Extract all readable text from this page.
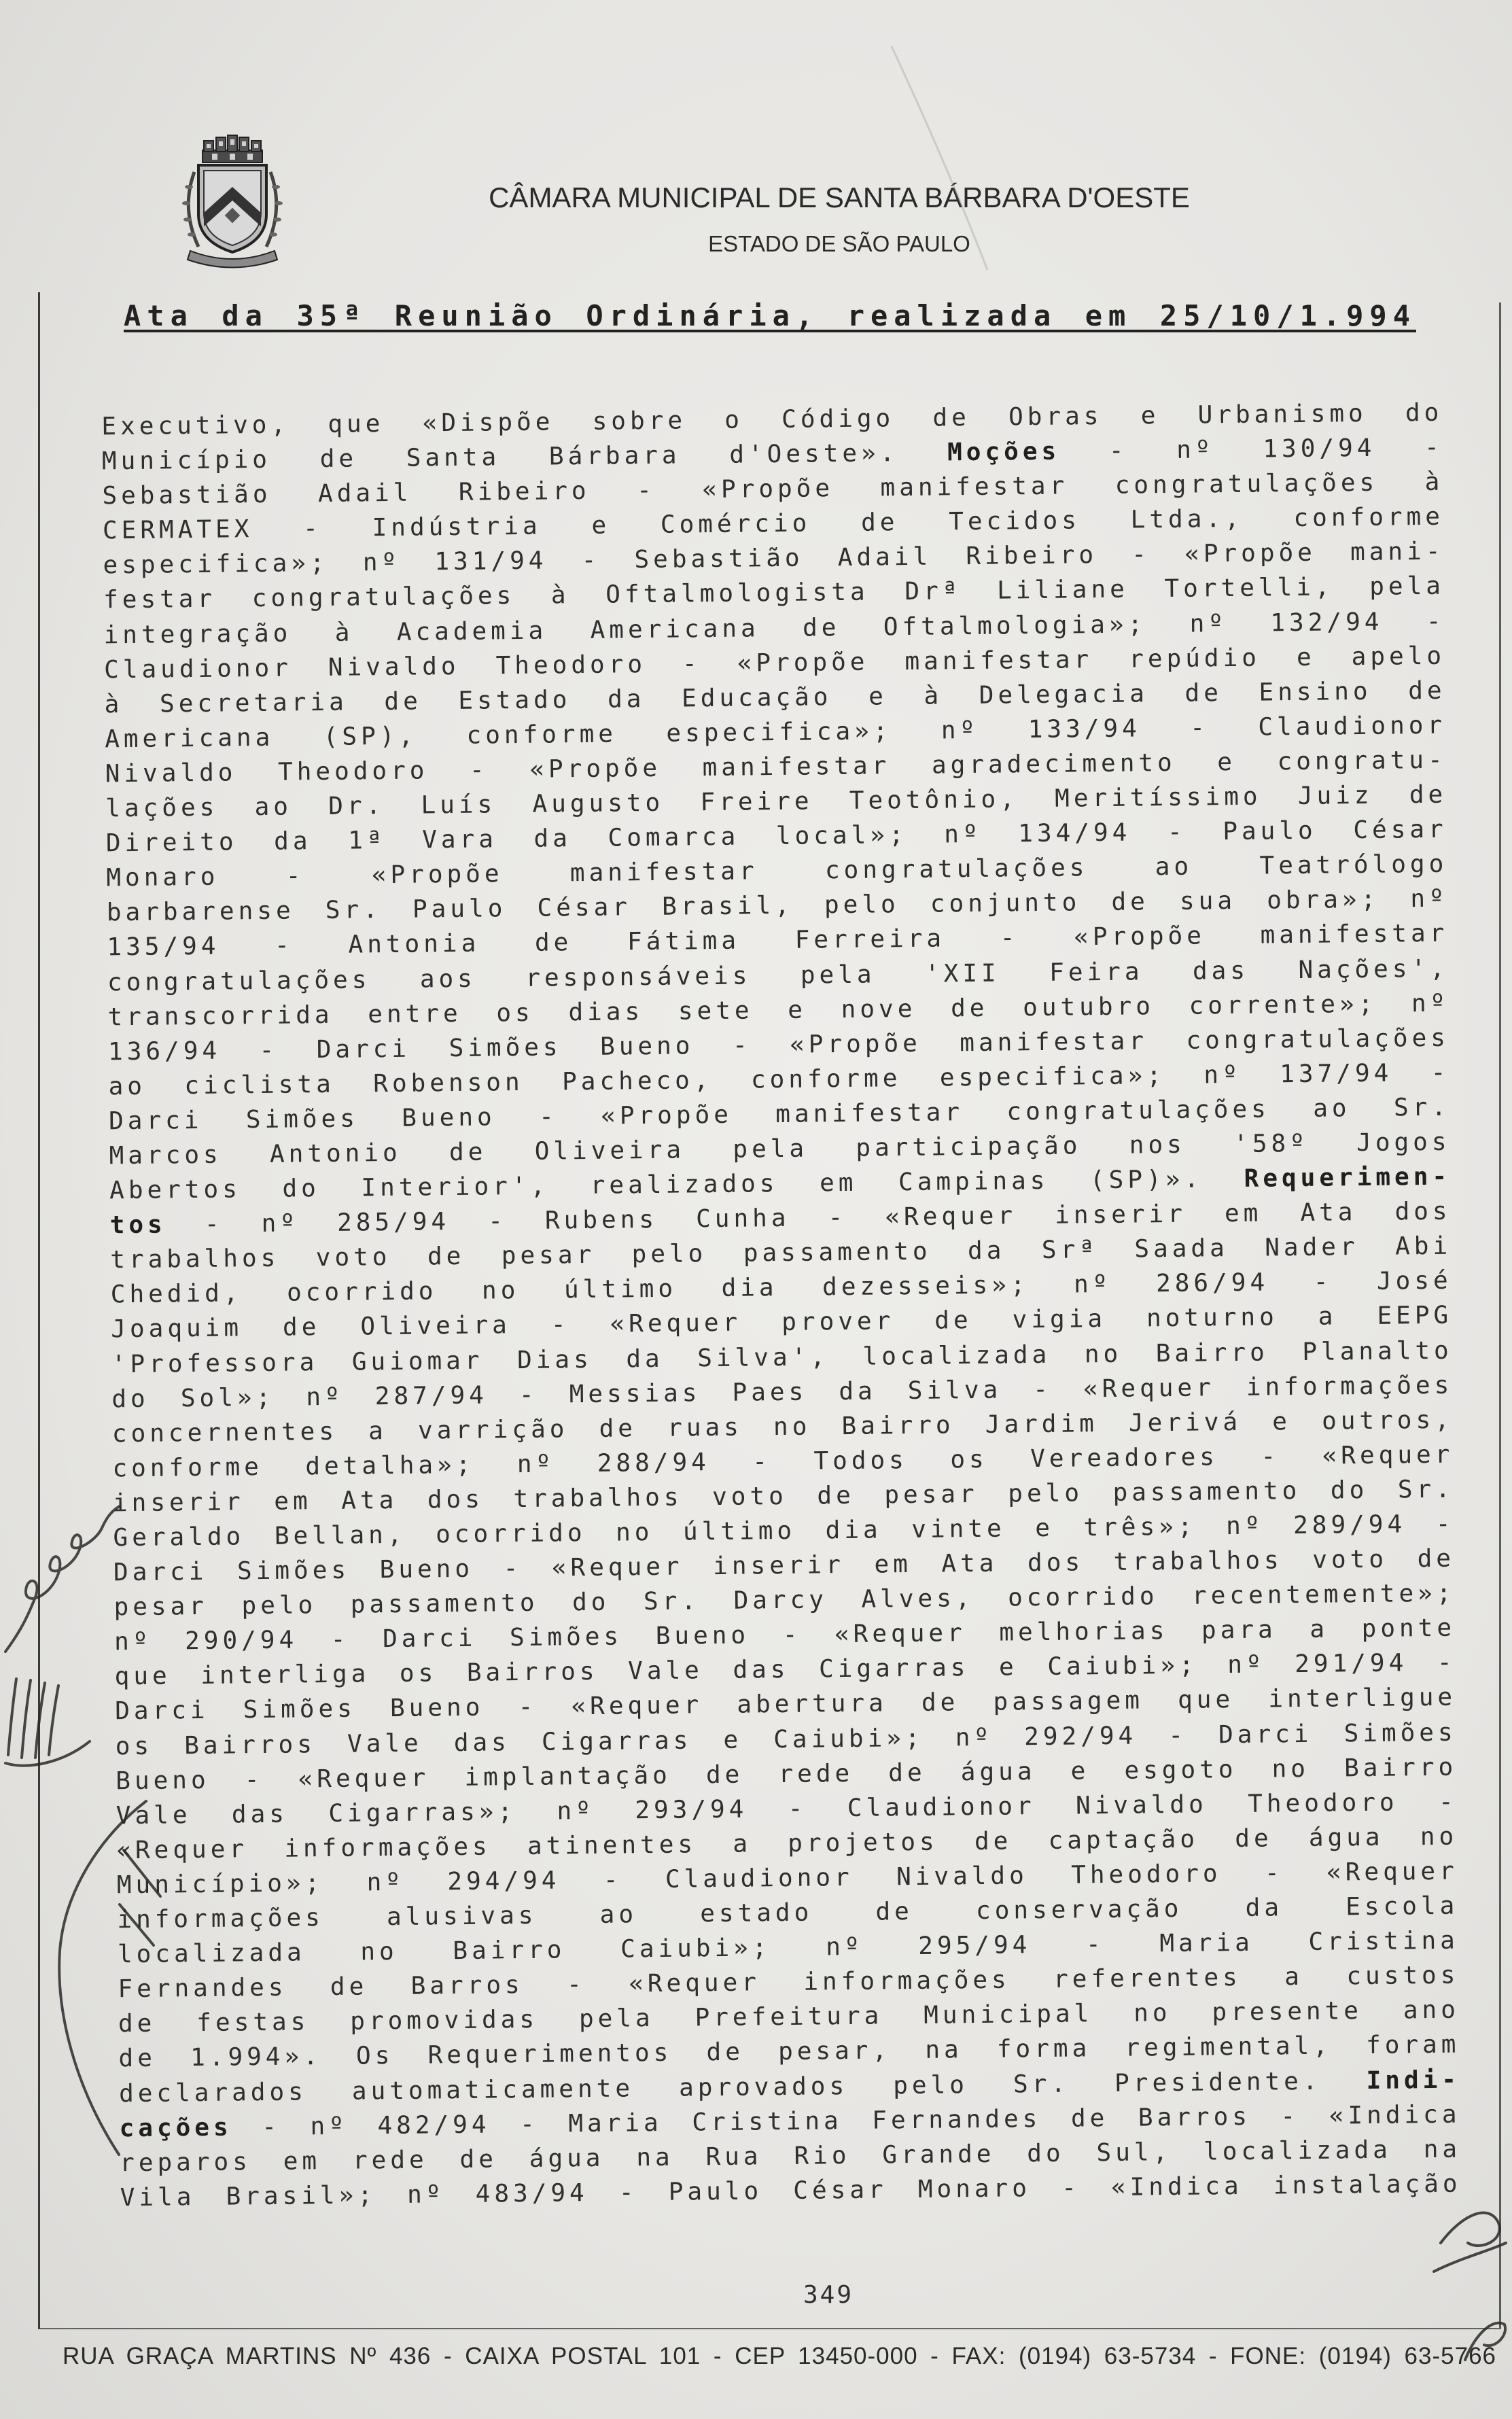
CÂMARA MUNICIPAL DE SANTA BÁRBARA D'OESTE
ESTADO DE SÃO PAULO
Ata da 35ª Reunião Ordinária, realizada em 25/10/1.994
Executivo, que «Dispõe sobre o Código de Obras e Urbanismo do
Município de Santa Bárbara d'Oeste». Moções - nº 130/94 -
Sebastião Adail Ribeiro - «Propõe manifestar congratulações à
CERMATEX - Indústria e Comércio de Tecidos Ltda., conforme
especifica»; nº 131/94 - Sebastião Adail Ribeiro - «Propõe mani-
festar congratulações à Oftalmologista Drª Liliane Tortelli, pela
integração à Academia Americana de Oftalmologia»; nº 132/94 -
Claudionor Nivaldo Theodoro - «Propõe manifestar repúdio e apelo
à Secretaria de Estado da Educação e à Delegacia de Ensino de
Americana (SP), conforme especifica»; nº 133/94 - Claudionor
Nivaldo Theodoro - «Propõe manifestar agradecimento e congratu-
lações ao Dr. Luís Augusto Freire Teotônio, Meritíssimo Juiz de
Direito da 1ª Vara da Comarca local»; nº 134/94 - Paulo César
Monaro - «Propõe manifestar congratulações ao Teatrólogo
barbarense Sr. Paulo César Brasil, pelo conjunto de sua obra»; nº
135/94 - Antonia de Fátima Ferreira - «Propõe manifestar
congratulações aos responsáveis pela 'XII Feira das Nações',
transcorrida entre os dias sete e nove de outubro corrente»; nº
136/94 - Darci Simões Bueno - «Propõe manifestar congratulações
ao ciclista Robenson Pacheco, conforme especifica»; nº 137/94 -
Darci Simões Bueno - «Propõe manifestar congratulações ao Sr.
Marcos Antonio de Oliveira pela participação nos '58º Jogos
Abertos do Interior', realizados em Campinas (SP)». Requerimen-
tos - nº 285/94 - Rubens Cunha - «Requer inserir em Ata dos
trabalhos voto de pesar pelo passamento da Srª Saada Nader Abi
Chedid, ocorrido no último dia dezesseis»; nº 286/94 - José
Joaquim de Oliveira - «Requer prover de vigia noturno a EEPG
'Professora Guiomar Dias da Silva', localizada no Bairro Planalto
do Sol»; nº 287/94 - Messias Paes da Silva - «Requer informações
concernentes a varrição de ruas no Bairro Jardim Jerivá e outros,
conforme detalha»; nº 288/94 - Todos os Vereadores - «Requer
inserir em Ata dos trabalhos voto de pesar pelo passamento do Sr.
Geraldo Bellan, ocorrido no último dia vinte e três»; nº 289/94 -
Darci Simões Bueno - «Requer inserir em Ata dos trabalhos voto de
pesar pelo passamento do Sr. Darcy Alves, ocorrido recentemente»;
nº 290/94 - Darci Simões Bueno - «Requer melhorias para a ponte
que interliga os Bairros Vale das Cigarras e Caiubi»; nº 291/94 -
Darci Simões Bueno - «Requer abertura de passagem que interligue
os Bairros Vale das Cigarras e Caiubi»; nº 292/94 - Darci Simões
Bueno - «Requer implantação de rede de água e esgoto no Bairro
Vale das Cigarras»; nº 293/94 - Claudionor Nivaldo Theodoro -
«Requer informações atinentes a projetos de captação de água no
Município»; nº 294/94 - Claudionor Nivaldo Theodoro - «Requer
informações alusivas ao estado de conservação da Escola
localizada no Bairro Caiubi»; nº 295/94 - Maria Cristina
Fernandes de Barros - «Requer informações referentes a custos
de festas promovidas pela Prefeitura Municipal no presente ano
de 1.994». Os Requerimentos de pesar, na forma regimental, foram
declarados automaticamente aprovados pelo Sr. Presidente. Indi-
cações - nº 482/94 - Maria Cristina Fernandes de Barros - «Indica
reparos em rede de água na Rua Rio Grande do Sul, localizada na
Vila Brasil»; nº 483/94 - Paulo César Monaro - «Indica instalação
349
RUA GRAÇA MARTINS Nº 436 - CAIXA POSTAL 101 - CEP 13450-000 - FAX: (0194) 63-5734 - FONE: (0194) 63-5766
